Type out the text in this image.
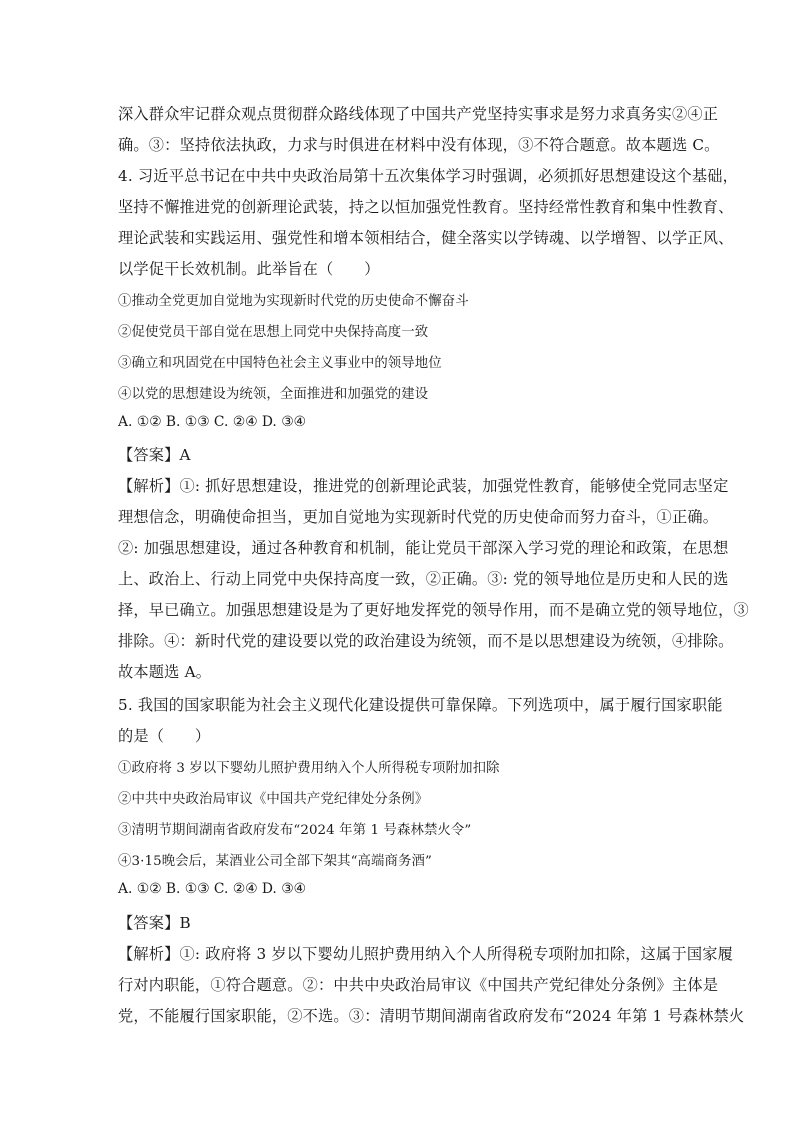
深入群众牢记群众观点贯彻群众路线体现了中国共产党坚持实事求是努力求真务实②④正
确。③：坚持依法执政，力求与时俱进在材料中没有体现，③不符合题意。故本题选 C。
4. 习近平总书记在中共中央政治局第十五次集体学习时强调，必须抓好思想建设这个基础，
坚持不懈推进党的创新理论武装，持之以恒加强党性教育。坚持经常性教育和集中性教育、
理论武装和实践运用、强党性和增本领相结合，健全落实以学铸魂、以学增智、以学正风、
以学促干长效机制。此举旨在（　　）
①推动全党更加自觉地为实现新时代党的历史使命不懈奋斗
②促使党员干部自觉在思想上同党中央保持高度一致
③确立和巩固党在中国特色社会主义事业中的领导地位
④以党的思想建设为统领，全面推进和加强党的建设
A. ①② B. ①③ C. ②④ D. ③④
【答案】A
【解析】①: 抓好思想建设，推进党的创新理论武装，加强党性教育，能够使全党同志坚定
理想信念，明确使命担当，更加自觉地为实现新时代党的历史使命而努力奋斗，①正确。
②: 加强思想建设，通过各种教育和机制，能让党员干部深入学习党的理论和政策，在思想
上、政治上、行动上同党中央保持高度一致，②正确。③: 党的领导地位是历史和人民的选
择，早已确立。加强思想建设是为了更好地发挥党的领导作用，而不是确立党的领导地位，③
排除。④：新时代党的建设要以党的政治建设为统领，而不是以思想建设为统领，④排除。
故本题选 A。
5. 我国的国家职能为社会主义现代化建设提供可靠保障。下列选项中，属于履行国家职能
的是（　　）
①政府将 3 岁以下婴幼儿照护费用纳入个人所得税专项附加扣除
②中共中央政治局审议《中国共产党纪律处分条例》
③清明节期间湖南省政府发布“2024 年第 1 号森林禁火令”
④3·15晚会后，某酒业公司全部下架其“高端商务酒”
A. ①② B. ①③ C. ②④ D. ③④
【答案】B
【解析】①: 政府将 3 岁以下婴幼儿照护费用纳入个人所得税专项附加扣除，这属于国家履
行对内职能，①符合题意。②：中共中央政治局审议《中国共产党纪律处分条例》主体是
党，不能履行国家职能，②不选。③：清明节期间湖南省政府发布“2024 年第 1 号森林禁火
